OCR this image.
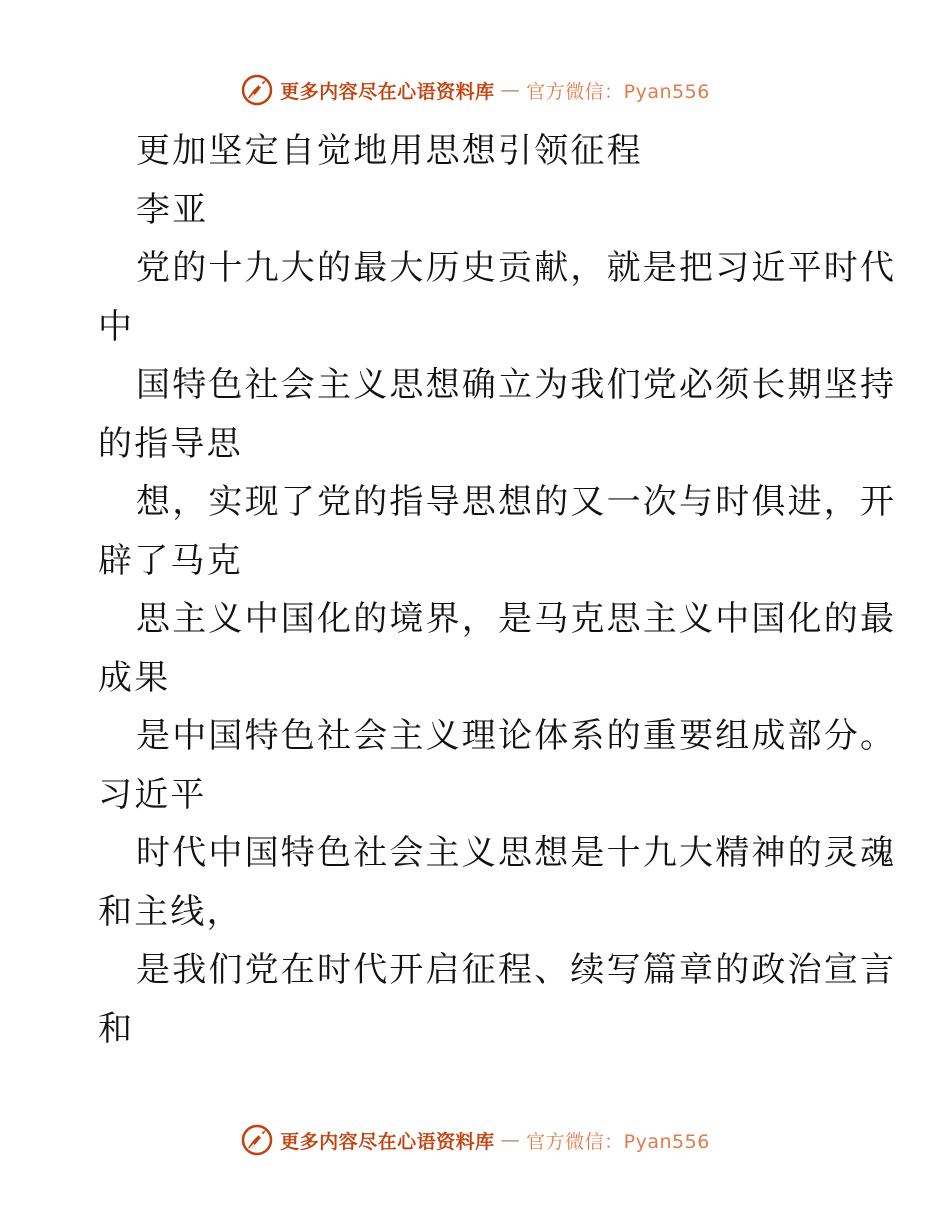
更多内容尽在心语资料库 — 官方微信：Pyan556
更加坚定自觉地用思想引领征程
李亚
党的十九大的最大历史贡献，就是把习近平时代
中
国特色社会主义思想确立为我们党必须长期坚持
的指导思
想，实现了党的指导思想的又一次与时俱进，开
辟了马克
思主义中国化的境界，是马克思主义中国化的最
成果
是中国特色社会主义理论体系的重要组成部分。
习近平
时代中国特色社会主义思想是十九大精神的灵魂
和主线，
是我们党在时代开启征程、续写篇章的政治宣言
和
更多内容尽在心语资料库 — 官方微信：Pyan556
